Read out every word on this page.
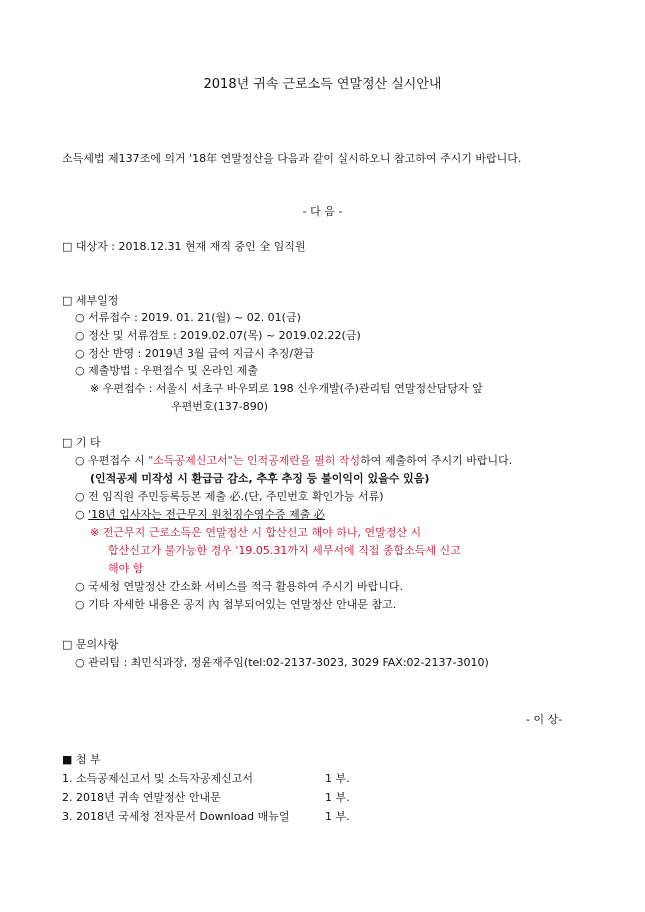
2018년 귀속 근로소득 연말정산 실시안내
소득세법 제137조에 의거 '18年 연말정산을 다음과 같이 실시하오니 참고하여 주시기 바랍니다.
- 다 음 -
□ 대상자 : 2018.12.31 현재 재직 중인 全 임직원
□ 세부일정
○ 서류접수 : 2019. 01. 21(월) ~ 02. 01(금)
○ 정산 및 서류검토 : 2019.02.07(목) ~ 2019.02.22(금)
○ 정산 반영 : 2019년 3월 급여 지급시 추징/환급
○ 제출방법 : 우편접수 및 온라인 제출
※ 우편접수 : 서울시 서초구 바우뫼로 198 신우개발(주)관리팀 연말정산담당자 앞
우편번호(137-890)
□ 기 타
○ 우편접수 시 "소득공제신고서"는 인적공제란을 필히 작성하여 제출하여 주시기 바랍니다.
(인적공제 미작성 시 환급금 감소, 추후 추징 등 불이익이 있을수 있음)
○ 전 임직원 주민등록등본 제출 必.(단, 주민번호 확인가능 서류)
○ '18년 입사자는 전근무지 원천징수영수증 제출 必
※ 전근무지 근로소득은 연말정산 시 합산신고 해야 하나, 연말정산 시
합산신고가 불가능한 경우 '19.05.31까지 세무서에 직접 종합소득세 신고
해야 함
○ 국세청 연말정산 간소화 서비스를 적극 활용하여 주시기 바랍니다.
○ 기타 자세한 내용은 공지 內 첨부되어있는 연말정산 안내문 참고.
□ 문의사항
○ 관리팀 : 최민식과장, 정윤재주임(tel:02-2137-3023, 3029 FAX:02-2137-3010)
- 이 상-
■ 첨 부
1. 소득공제신고서 및 소득자공제신고서	1 부.
2. 2018년 귀속 연말정산 안내문	1 부.
3. 2018년 국세청 전자문서 Download 매뉴얼	1 부.
